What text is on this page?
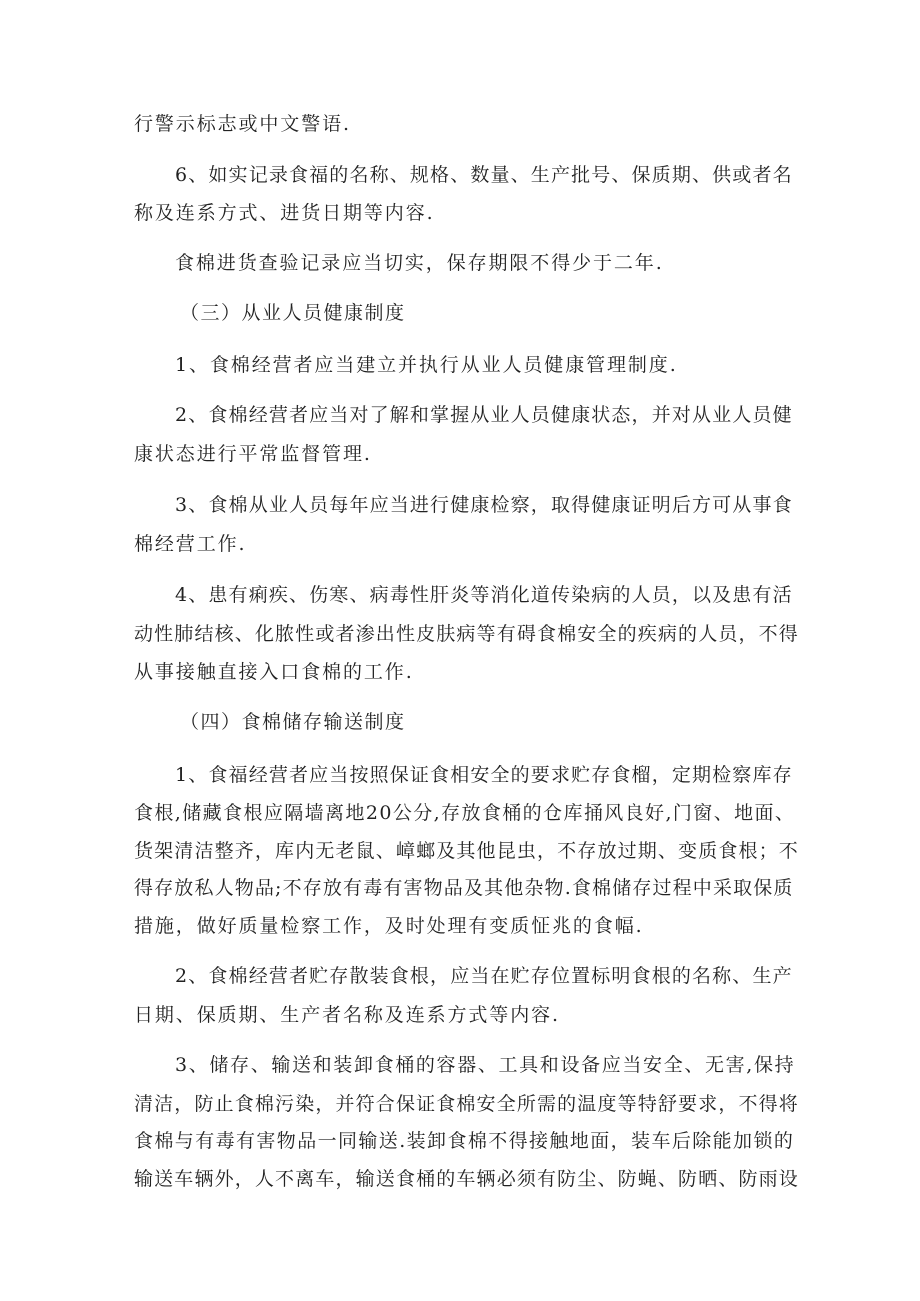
行警示标志或中文警语.
6、如实记录食福的名称、规格、数量、生产批号、保质期、供或者名
称及连系方式、进货日期等内容.
食棉进货查验记录应当切实，保存期限不得少于二年.
（三）从业人员健康制度
1、食棉经营者应当建立并执行从业人员健康管理制度.
2、食棉经营者应当对了解和掌握从业人员健康状态，并对从业人员健
康状态进行平常监督管理.
3、食棉从业人员每年应当进行健康检察，取得健康证明后方可从事食
棉经营工作.
4、患有痢疾、伤寒、病毒性肝炎等消化道传染病的人员，以及患有活
动性肺结核、化脓性或者渗出性皮肤病等有碍食棉安全的疾病的人员，不得
从事接触直接入口食棉的工作.
（四）食棉储存输送制度
1、食福经营者应当按照保证食相安全的要求贮存食榴，定期检察库存
食根,储藏食根应隔墙离地20公分,存放食桶的仓库捅风良好,门窗、地面、
货架清洁整齐，库内无老鼠、嶂螂及其他昆虫，不存放过期、变质食根；不
得存放私人物品;不存放有毒有害物品及其他杂物.食棉储存过程中采取保质
措施，做好质量检察工作，及时处理有变质怔兆的食幅.
2、食棉经营者贮存散装食根，应当在贮存位置标明食根的名称、生产
日期、保质期、生产者名称及连系方式等内容.
3、储存、输送和装卸食桶的容器、工具和设备应当安全、无害,保持
清洁，防止食棉污染，并符合保证食棉安全所需的温度等特舒要求，不得将
食棉与有毒有害物品一同输送.装卸食棉不得接触地面，装车后除能加锁的
输送车辆外，人不离车，输送食桶的车辆必须有防尘、防蝇、防晒、防雨设
